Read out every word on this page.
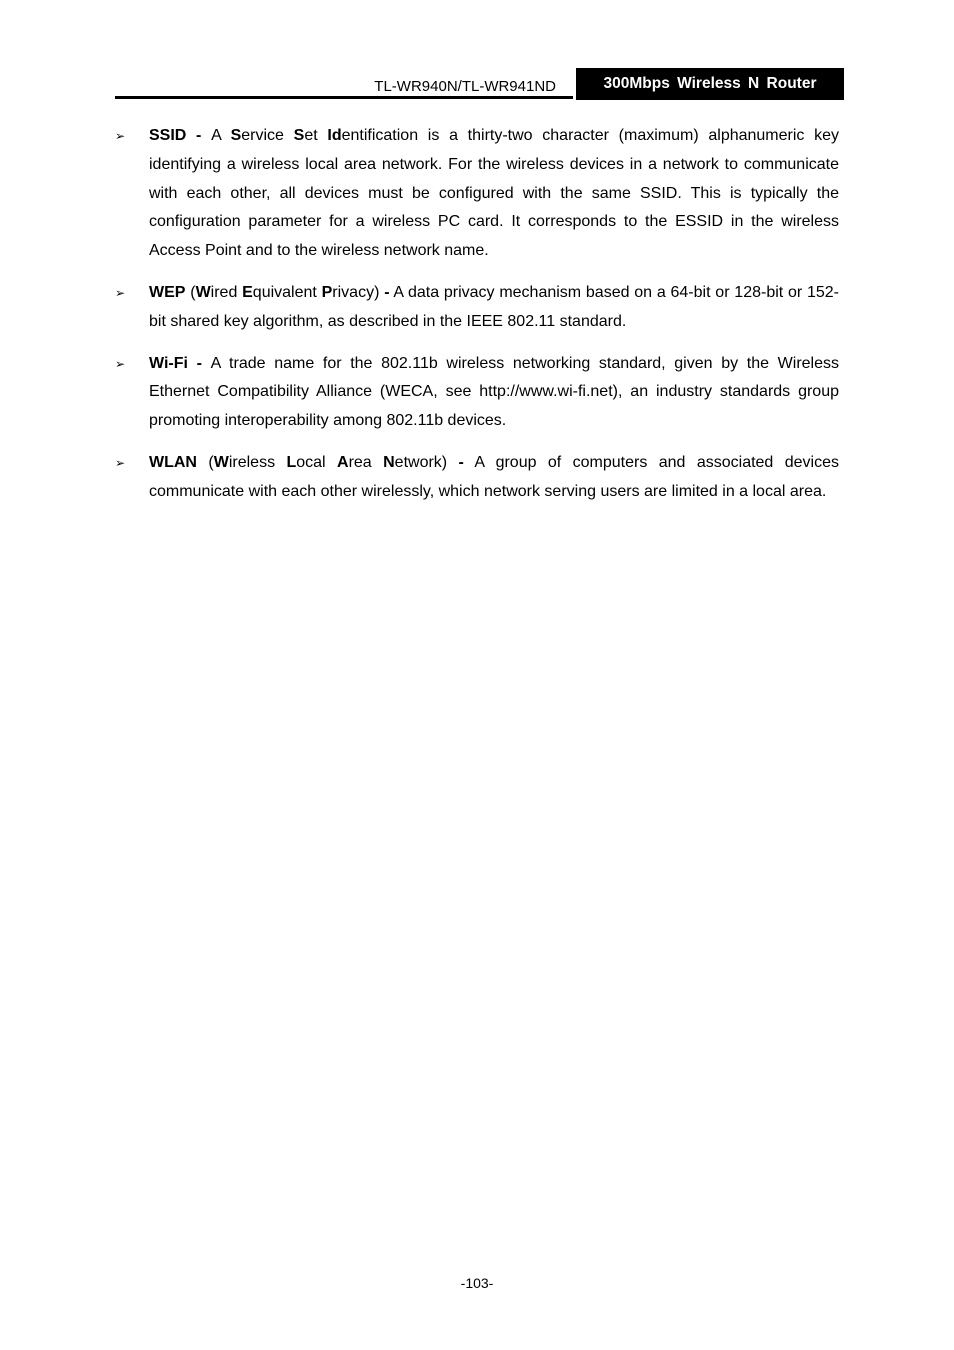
TL-WR940N/TL-WR941ND	300Mbps Wireless N Router
➢ SSID - A Service Set Identification is a thirty-two character (maximum) alphanumeric key identifying a wireless local area network. For the wireless devices in a network to communicate with each other, all devices must be configured with the same SSID. This is typically the configuration parameter for a wireless PC card. It corresponds to the ESSID in the wireless Access Point and to the wireless network name.
➢ WEP (Wired Equivalent Privacy) - A data privacy mechanism based on a 64-bit or 128-bit or 152-bit shared key algorithm, as described in the IEEE 802.11 standard.
➢ Wi-Fi - A trade name for the 802.11b wireless networking standard, given by the Wireless Ethernet Compatibility Alliance (WECA, see http://www.wi-fi.net), an industry standards group promoting interoperability among 802.11b devices.
➢ WLAN (Wireless Local Area Network) - A group of computers and associated devices communicate with each other wirelessly, which network serving users are limited in a local area.
-103-
